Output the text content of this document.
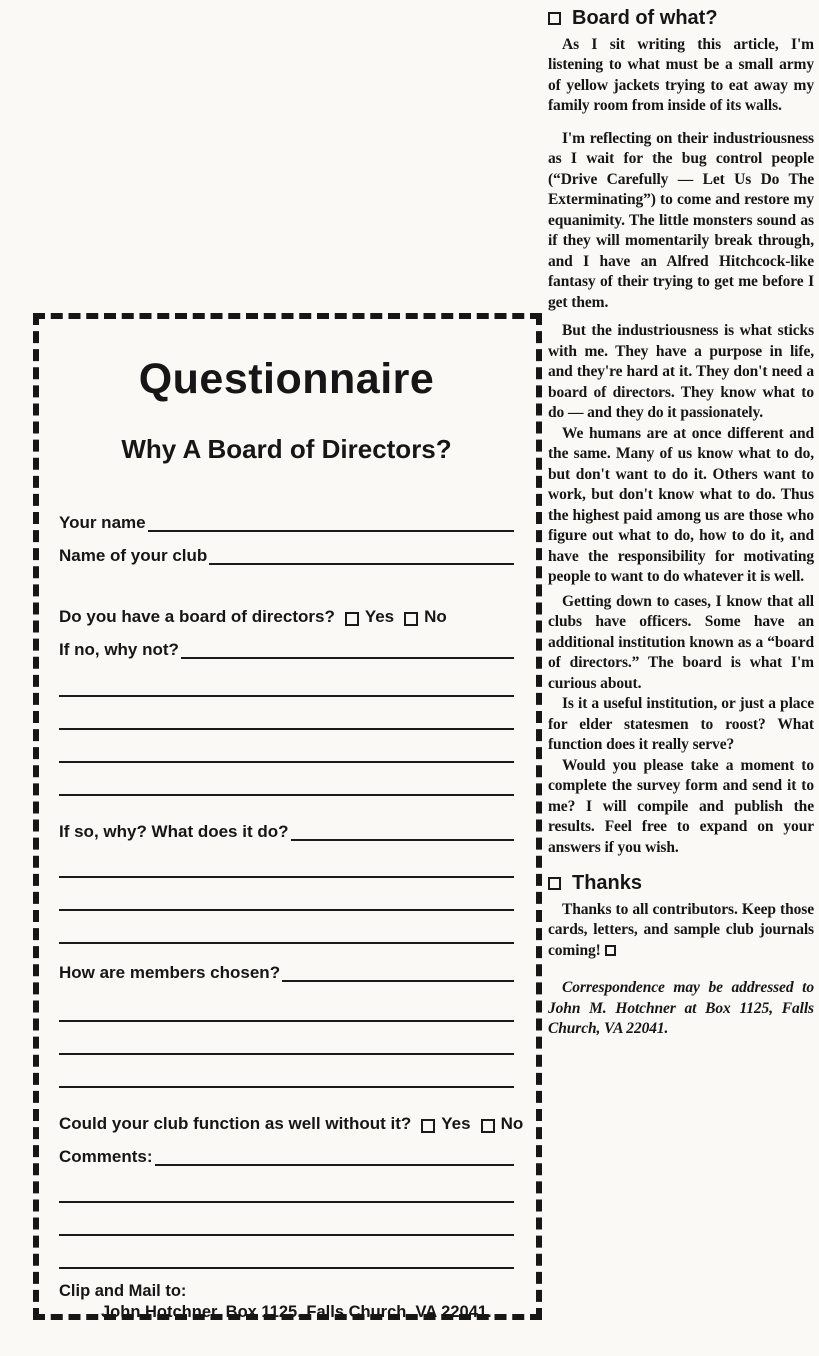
Questionnaire
Why A Board of Directors?
Your name
Name of your club
Do you have a board of directors? Yes No
If no, why not?
If so, why? What does it do?
How are members chosen?
Could your club function as well without it? Yes No
Comments:
Clip and Mail to:
John Hotchner, Box 1125, Falls Church, VA 22041.
Board of what?

As I sit writing this article, I'm listening to what must be a small army of yellow jackets trying to eat away my family room from inside of its walls.

I'm reflecting on their industriousness as I wait for the bug control people (“Drive Carefully — Let Us Do The Exterminating”) to come and restore my equanimity. The little monsters sound as if they will momentarily break through, and I have an Alfred Hitchcock-like fantasy of their trying to get me before I get them.

But the industriousness is what sticks with me. They have a purpose in life, and they're hard at it. They don't need a board of directors. They know what to do — and they do it passionately.

We humans are at once different and the same. Many of us know what to do, but don't want to do it. Others want to work, but don't know what to do. Thus the highest paid among us are those who figure out what to do, how to do it, and have the responsibility for motivating people to want to do whatever it is well.

Getting down to cases, I know that all clubs have officers. Some have an additional institution known as a “board of directors.” The board is what I'm curious about.

Is it a useful institution, or just a place for elder statesmen to roost? What function does it really serve?

Would you please take a moment to complete the survey form and send it to me? I will compile and publish the results. Feel free to expand on your answers if you wish.

Thanks

Thanks to all contributors. Keep those cards, letters, and sample club journals coming!

Correspondence may be addressed to John M. Hotchner at Box 1125, Falls Church, VA 22041.
